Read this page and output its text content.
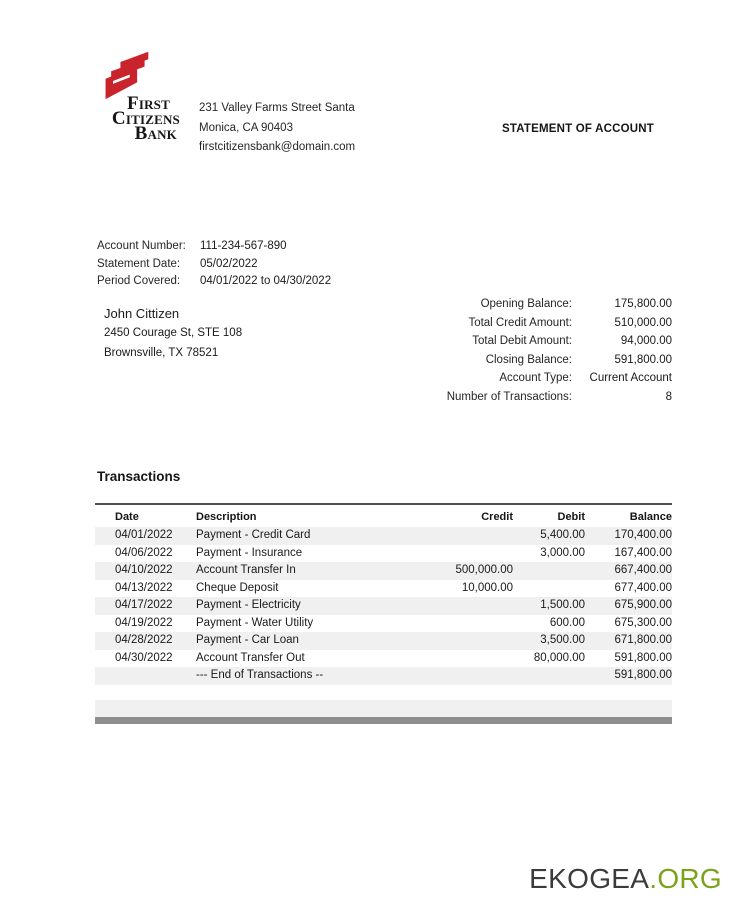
First
Citizens
Bank
231 Valley Farms Street Santa
Monica, CA 90403
firstcitizensbank@domain.com
STATEMENT OF ACCOUNT
Account Number:	111-234-567-890
Statement Date:	05/02/2022
Period Covered:	04/01/2022 to 04/30/2022
John Cittizen
2450 Courage St, STE 108
Brownsville, TX 78521
Opening Balance:	175,800.00
Total Credit Amount:	510,000.00
Total Debit Amount:	94,000.00
Closing Balance:	591,800.00
Account Type:	Current Account
Number of Transactions:	8
Transactions
Date	Description	Credit	Debit	Balance
04/01/2022	Payment - Credit Card		5,400.00	170,400.00
04/06/2022	Payment - Insurance		3,000.00	167,400.00
04/10/2022	Account Transfer In	500,000.00		667,400.00
04/13/2022	Cheque Deposit	10,000.00		677,400.00
04/17/2022	Payment - Electricity		1,500.00	675,900.00
04/19/2022	Payment - Water Utility		600.00	675,300.00
04/28/2022	Payment - Car Loan		3,500.00	671,800.00
04/30/2022	Account Transfer Out		80,000.00	591,800.00
	--- End of Transactions --			591,800.00
EKOGEA.ORG
